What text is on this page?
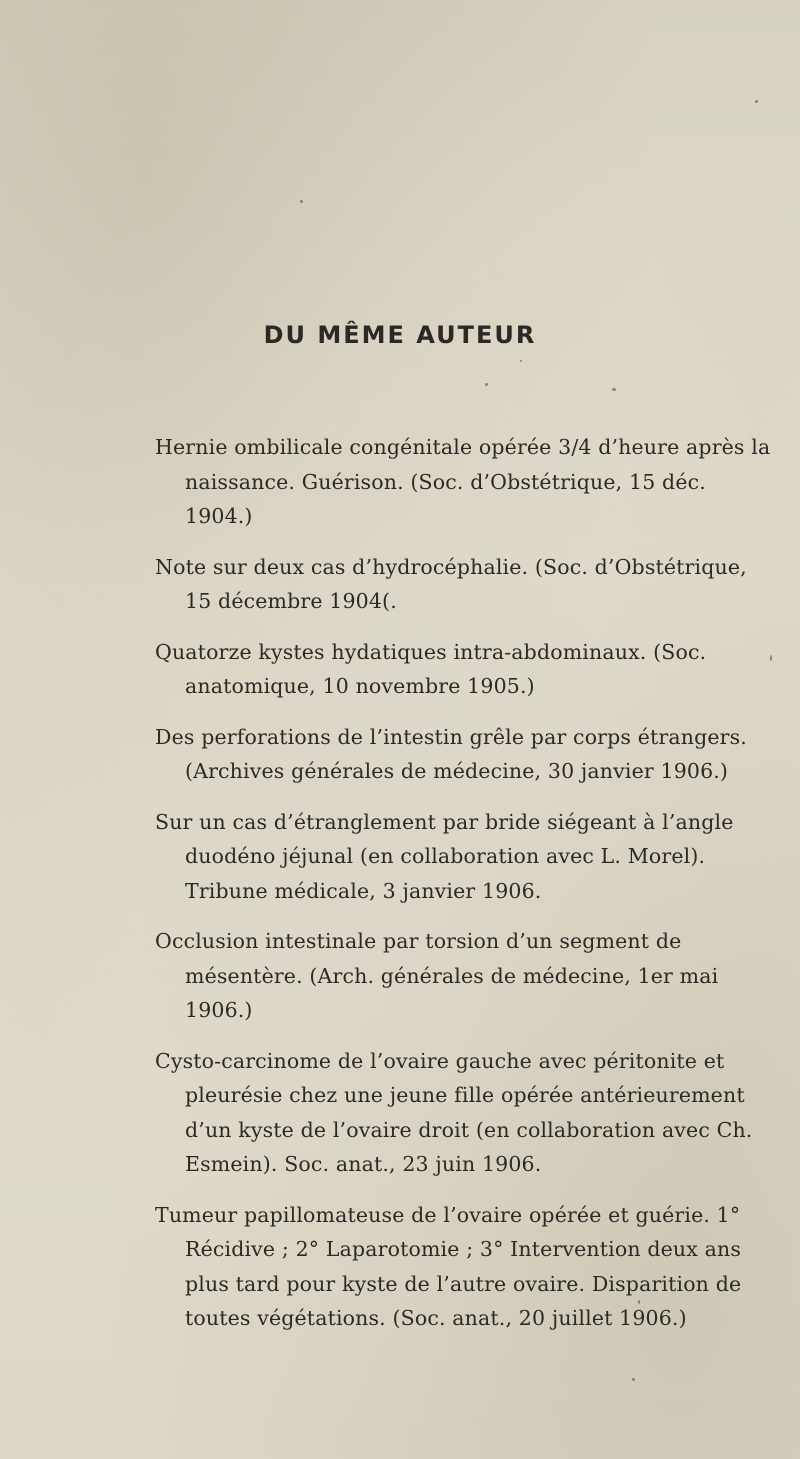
DU MÊME AUTEUR

Hernie ombilicale congénitale opérée 3/4 d’heure après la naissance. Guérison. (Soc. d’Obstétrique, 15 déc. 1904.)

Note sur deux cas d’hydrocéphalie. (Soc. d’Obstétrique, 15 décembre 1904(.

Quatorze kystes hydatiques intra-abdominaux. (Soc. anatomique, 10 novembre 1905.)

Des perforations de l’intestin grêle par corps étrangers. (Archives générales de médecine, 30 janvier 1906.)

Sur un cas d’étranglement par bride siégeant à l’angle duodéno jéjunal (en collaboration avec L. Morel). Tribune médicale, 3 janvier 1906.

Occlusion intestinale par torsion d’un segment de mésentère. (Arch. générales de médecine, 1er mai 1906.)

Cysto-carcinome de l’ovaire gauche avec péritonite et pleurésie chez une jeune fille opérée antérieurement d’un kyste de l’ovaire droit (en collaboration avec Ch. Esmein). Soc. anat., 23 juin 1906.

Tumeur papillomateuse de l’ovaire opérée et guérie. 1° Récidive ; 2° Laparotomie ; 3° Intervention deux ans plus tard pour kyste de l’autre ovaire. Disparition de toutes végétations. (Soc. anat., 20 juillet 1906.)
